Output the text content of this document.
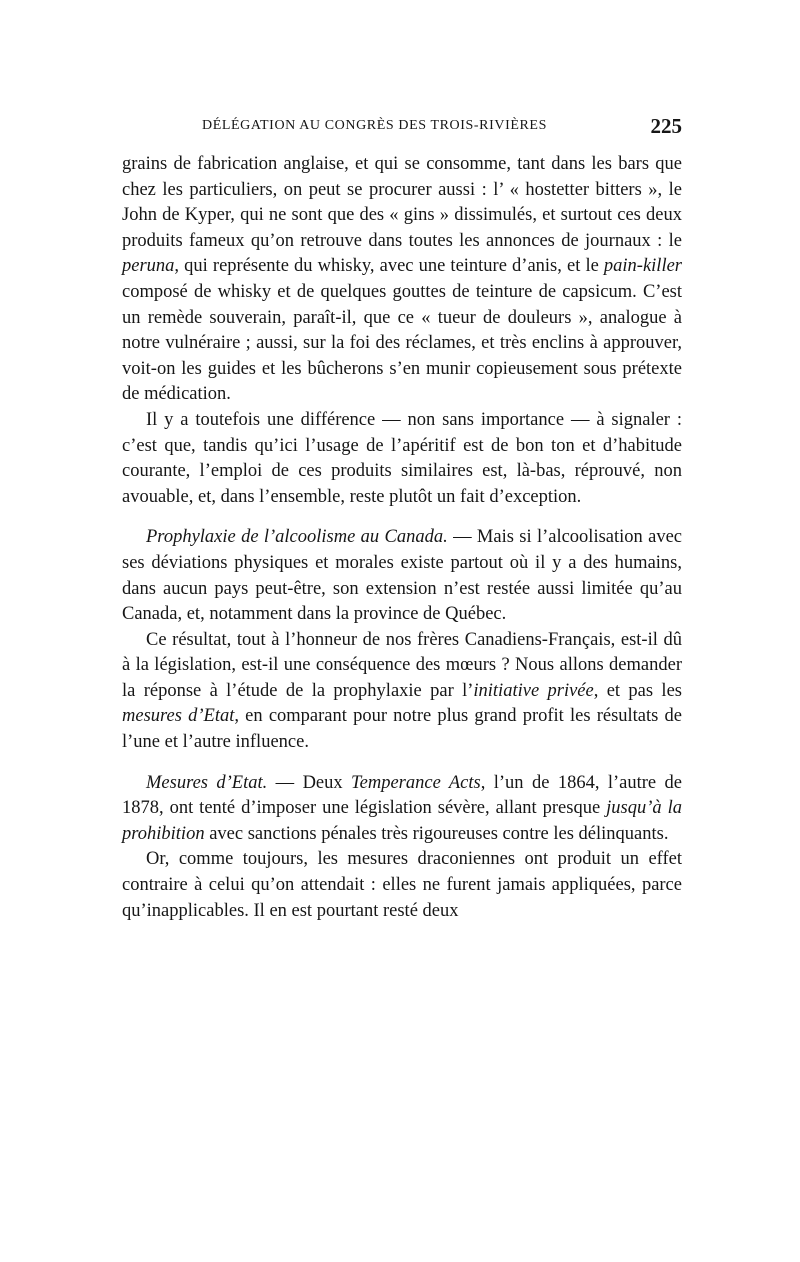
DÉLÉGATION AU CONGRÈS DES TROIS-RIVIÈRES	225

grains de fabrication anglaise, et qui se consomme, tant dans les bars que chez les particuliers, on peut se procurer aussi : l’ « hostetter bitters », le John de Kyper, qui ne sont que des « gins » dissimulés, et surtout ces deux produits fameux qu’on retrouve dans toutes les annonces de journaux : le peruna, qui représente du whisky, avec une teinture d’anis, et le pain-killer composé de whisky et de quelques gouttes de teinture de capsicum. C’est un remède souverain, paraît-il, que ce « tueur de douleurs », analogue à notre vulnéraire ; aussi, sur la foi des réclames, et très enclins à approuver, voit-on les guides et les bûcherons s’en munir copieusement sous prétexte de médication.

Il y a toutefois une différence — non sans importance — à signaler : c’est que, tandis qu’ici l’usage de l’apéritif est de bon ton et d’habitude courante, l’emploi de ces produits similaires est, là-bas, réprouvé, non avouable, et, dans l’ensemble, reste plutôt un fait d’exception.

Prophylaxie de l’alcoolisme au Canada. — Mais si l’alcoolisation avec ses déviations physiques et morales existe partout où il y a des humains, dans aucun pays peut-être, son extension n’est restée aussi limitée qu’au Canada, et, notamment dans la province de Québec.

Ce résultat, tout à l’honneur de nos frères Canadiens-Français, est-il dû à la législation, est-il une conséquence des mœurs ? Nous allons demander la réponse à l’étude de la prophylaxie par l’initiative privée, et pas les mesures d’Etat, en comparant pour notre plus grand profit les résultats de l’une et l’autre influence.

Mesures d’Etat. — Deux Temperance Acts, l’un de 1864, l’autre de 1878, ont tenté d’imposer une législation sévère, allant presque jusqu’à la prohibition avec sanctions pénales très rigoureuses contre les délinquants.

Or, comme toujours, les mesures draconiennes ont produit un effet contraire à celui qu’on attendait : elles ne furent jamais appliquées, parce qu’inapplicables. Il en est pourtant resté deux
